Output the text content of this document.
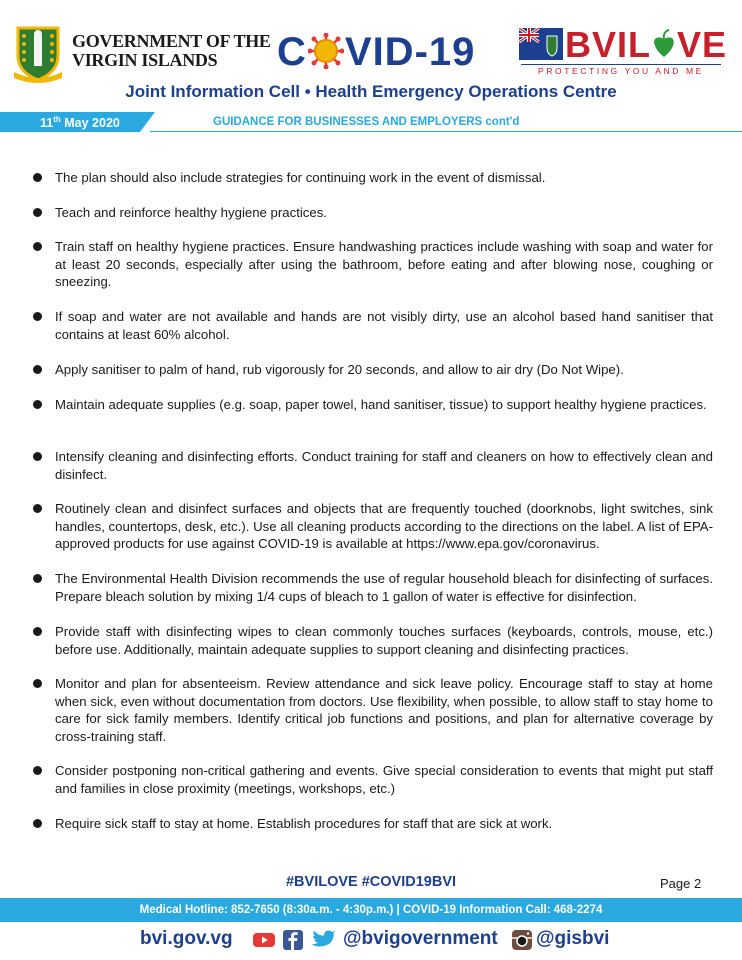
GOVERNMENT OF THE
VIRGIN ISLANDS	C VID-19 BVIL VE
PROTECTING YOU AND ME
Joint Information Cell • Health Emergency Operations Centre
11th May 2020	GUIDANCE FOR BUSINESSES AND EMPLOYERS cont'd
The plan should also include strategies for continuing work in the event of dismissal.
Teach and reinforce healthy hygiene practices.
Train staff on healthy hygiene practices. Ensure handwashing practices include washing with soap and water for at least 20 seconds, especially after using the bathroom, before eating and after blowing nose, coughing or sneezing.
If soap and water are not available and hands are not visibly dirty, use an alcohol based hand sanitiser that contains at least 60% alcohol.
Apply sanitiser to palm of hand, rub vigorously for 20 seconds, and allow to air dry (Do Not Wipe).
Maintain adequate supplies (e.g. soap, paper towel, hand sanitiser, tissue) to support healthy hygiene practices.
Intensify cleaning and disinfecting efforts. Conduct training for staff and cleaners on how to effectively clean and disinfect.
Routinely clean and disinfect surfaces and objects that are frequently touched (doorknobs, light switches, sink handles, countertops, desk, etc.). Use all cleaning products according to the directions on the label. A list of EPA-approved products for use against COVID-19 is available at https://www.epa.gov/coronavirus.
The Environmental Health Division recommends the use of regular household bleach for disinfecting of surfaces. Prepare bleach solution by mixing 1/4 cups of bleach to 1 gallon of water is effective for disinfection.
Provide staff with disinfecting wipes to clean commonly touches surfaces (keyboards, controls, mouse, etc.) before use. Additionally, maintain adequate supplies to support cleaning and disinfecting practices.
Monitor and plan for absenteeism. Review attendance and sick leave policy. Encourage staff to stay at home when sick, even without documentation from doctors. Use flexibility, when possible, to allow staff to stay home to care for sick family members. Identify critical job functions and positions, and plan for alternative coverage by cross-training staff.
Consider postponing non-critical gathering and events. Give special consideration to events that might put staff and families in close proximity (meetings, workshops, etc.)
Require sick staff to stay at home. Establish procedures for staff that are sick at work.
#BVILOVE #COVID19BVI	Page 2
Medical Hotline: 852-7650 (8:30a.m. - 4:30p.m.) | COVID-19 Information Call: 468-2274
bvi.gov.vg	@bvigovernment @gisbvi
